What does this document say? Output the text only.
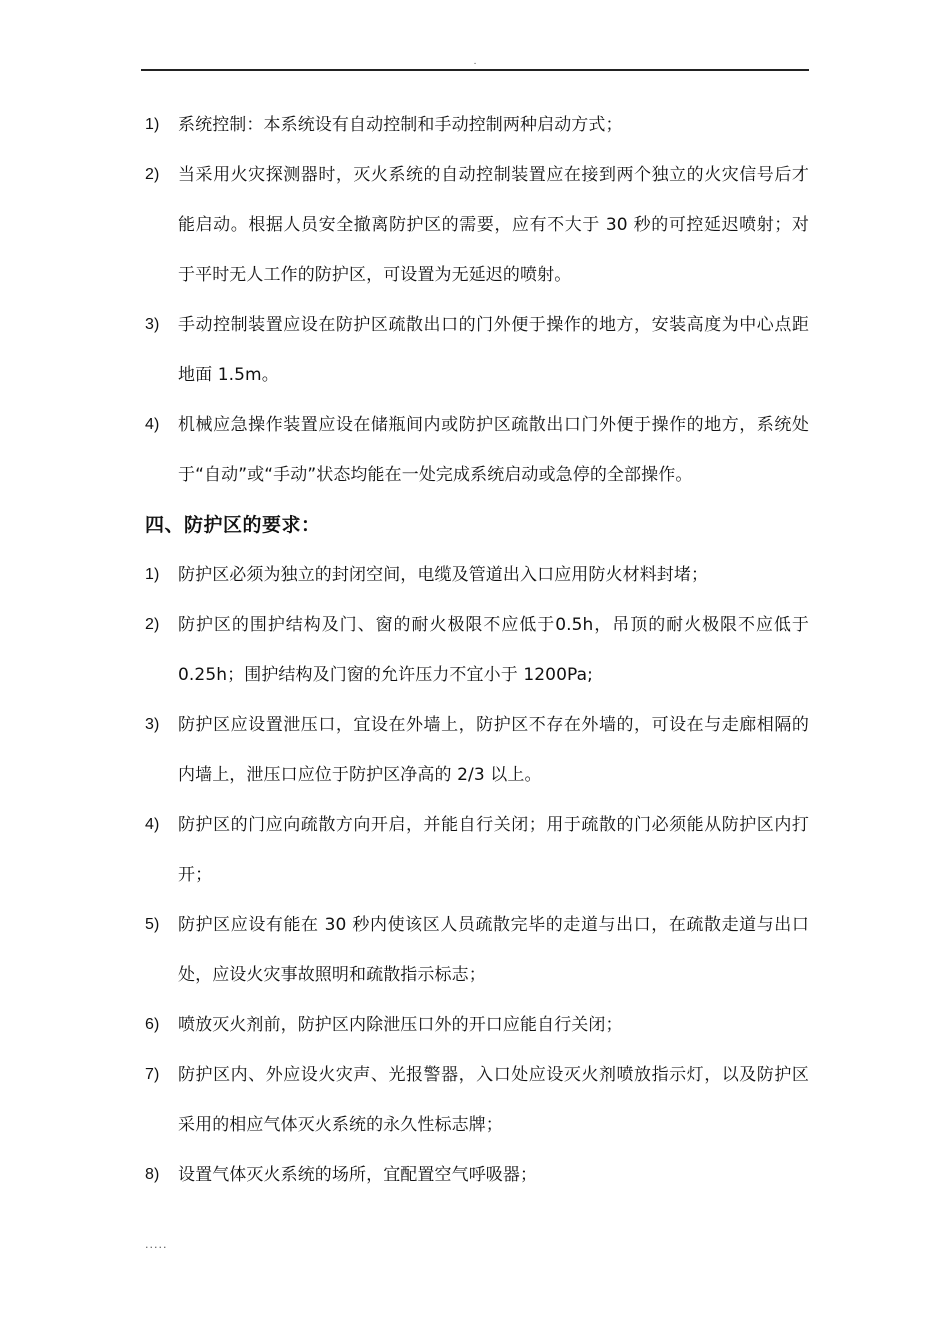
.
1) 系统控制：本系统设有自动控制和手动控制两种启动方式；
2) 当采用火灾探测器时，灭火系统的自动控制装置应在接到两个独立的火灾信号后才能启动。根据人员安全撤离防护区的需要，应有不大于 30 秒的可控延迟喷射；对于平时无人工作的防护区，可设置为无延迟的喷射。
3) 手动控制装置应设在防护区疏散出口的门外便于操作的地方，安装高度为中心点距地面 1.5m。
4) 机械应急操作装置应设在储瓶间内或防护区疏散出口门外便于操作的地方，系统处于“自动”或“手动”状态均能在一处完成系统启动或急停的全部操作。
四、防护区的要求：
1) 防护区必须为独立的封闭空间，电缆及管道出入口应用防火材料封堵；
2) 防护区的围护结构及门、窗的耐火极限不应低于0.5h，吊顶的耐火极限不应低于 0.25h；围护结构及门窗的允许压力不宜小于 1200Pa;
3) 防护区应设置泄压口，宜设在外墙上，防护区不存在外墙的，可设在与走廊相隔的内墙上，泄压口应位于防护区净高的 2/3 以上。
4) 防护区的门应向疏散方向开启，并能自行关闭；用于疏散的门必须能从防护区内打开；
5) 防护区应设有能在 30 秒内使该区人员疏散完毕的走道与出口，在疏散走道与出口处，应设火灾事故照明和疏散指示标志；
6) 喷放灭火剂前，防护区内除泄压口外的开口应能自行关闭；
7) 防护区内、外应设火灾声、光报警器，入口处应设灭火剂喷放指示灯，以及防护区采用的相应气体灭火系统的永久性标志牌；
8) 设置气体灭火系统的场所，宜配置空气呼吸器；
.....
